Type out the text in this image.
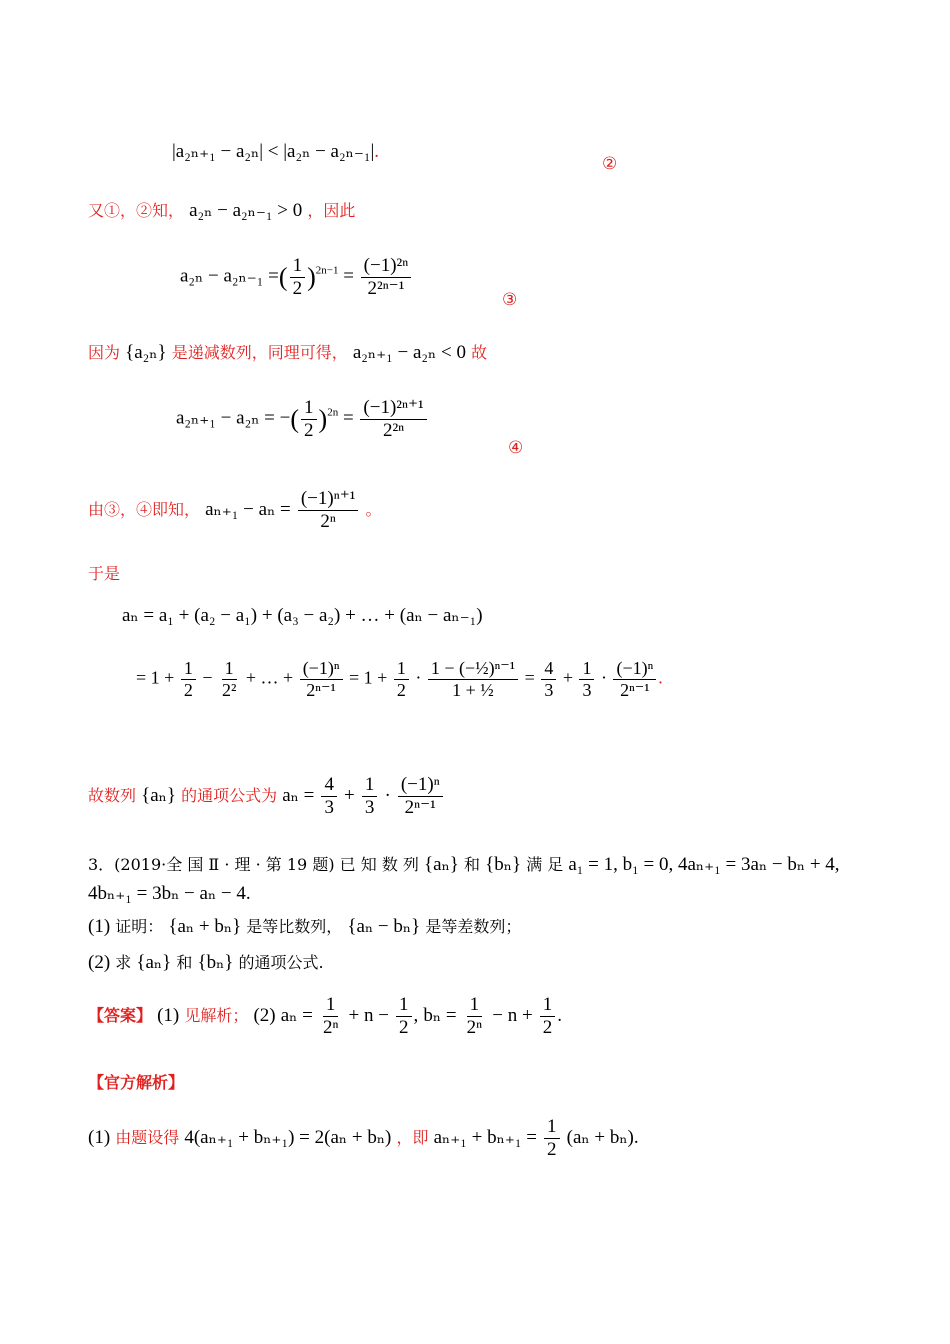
|a₂ₙ₊₁ − a₂ₙ| < |a₂ₙ − a₂ₙ₋₁|.
②
又①，②知， a₂ₙ − a₂ₙ₋₁ > 0 ，因此
a₂ₙ − a₂ₙ₋₁ =( $\frac{1}{2} )^{2n-1} = \frac{\text{(−1)²ⁿ}}{\text{2²ⁿ⁻¹}}$
③
因为 {a₂ₙ} 是递减数列，同理可得， a₂ₙ₊₁ − a₂ₙ < 0 故
a₂ₙ₊₁ − a₂ₙ = −( $\frac{1}{2} )^{2n} = \frac{\text{(−1)²ⁿ⁺¹}}{\text{2²ⁿ}}$
④
由③，④即知， $a_{n+1} - a_n = \frac{\text{(−1)ⁿ⁺¹}}{\text{2ⁿ}}$ 。
于是
aₙ = a₁ + (a₂ − a₁) + (a₃ − a₂) + … + (aₙ − aₙ₋₁)
= $1 + \frac{1}{2} - \frac{1}{\text{2²}}$ + … + $\frac{\text{(−1)ⁿ}}{\text{2ⁿ⁻¹}} = 1 + \frac{1}{2} \cdot \frac{\text{1 − (−½)ⁿ⁻¹}}{\text{1 + ½}} = \frac{4}{3} + \frac{1}{3} \cdot \frac{\text{(−1)ⁿ}}{\text{2ⁿ⁻¹}}$ .
故数列 {aₙ} 的通项公式为 $a_n = \frac{4}{3} + \frac{1}{3} \cdot \frac{\text{(−1)ⁿ}}{\text{2ⁿ⁻¹}}$
3．(2019·全 国 Ⅱ · 理 · 第 19 题) 已 知 数 列 {aₙ} 和 {bₙ} 满 足 a₁ = 1, b₁ = 0, 4aₙ₊₁ = 3aₙ − bₙ + 4,
4bₙ₊₁ = 3bₙ − aₙ − 4.
(1) 证明： {aₙ + bₙ} 是等比数列， {aₙ − bₙ} 是等差数列；
(2) 求 {aₙ} 和 {bₙ} 的通项公式.
【答案】 (1) 见解析； (2) $a_n = \frac{1}{\text{2ⁿ}} + n - \frac{1}{2}$ , $b_n = \frac{1}{\text{2ⁿ}} - n + \frac{1}{2}$ .
【官方解析】
(1) 由题设得 4(aₙ₊₁ + bₙ₊₁) = 2(aₙ + bₙ) ，即 $a_{n+1} + b_{n+1} = \frac{1}{2} (a_n + b_n)$.
